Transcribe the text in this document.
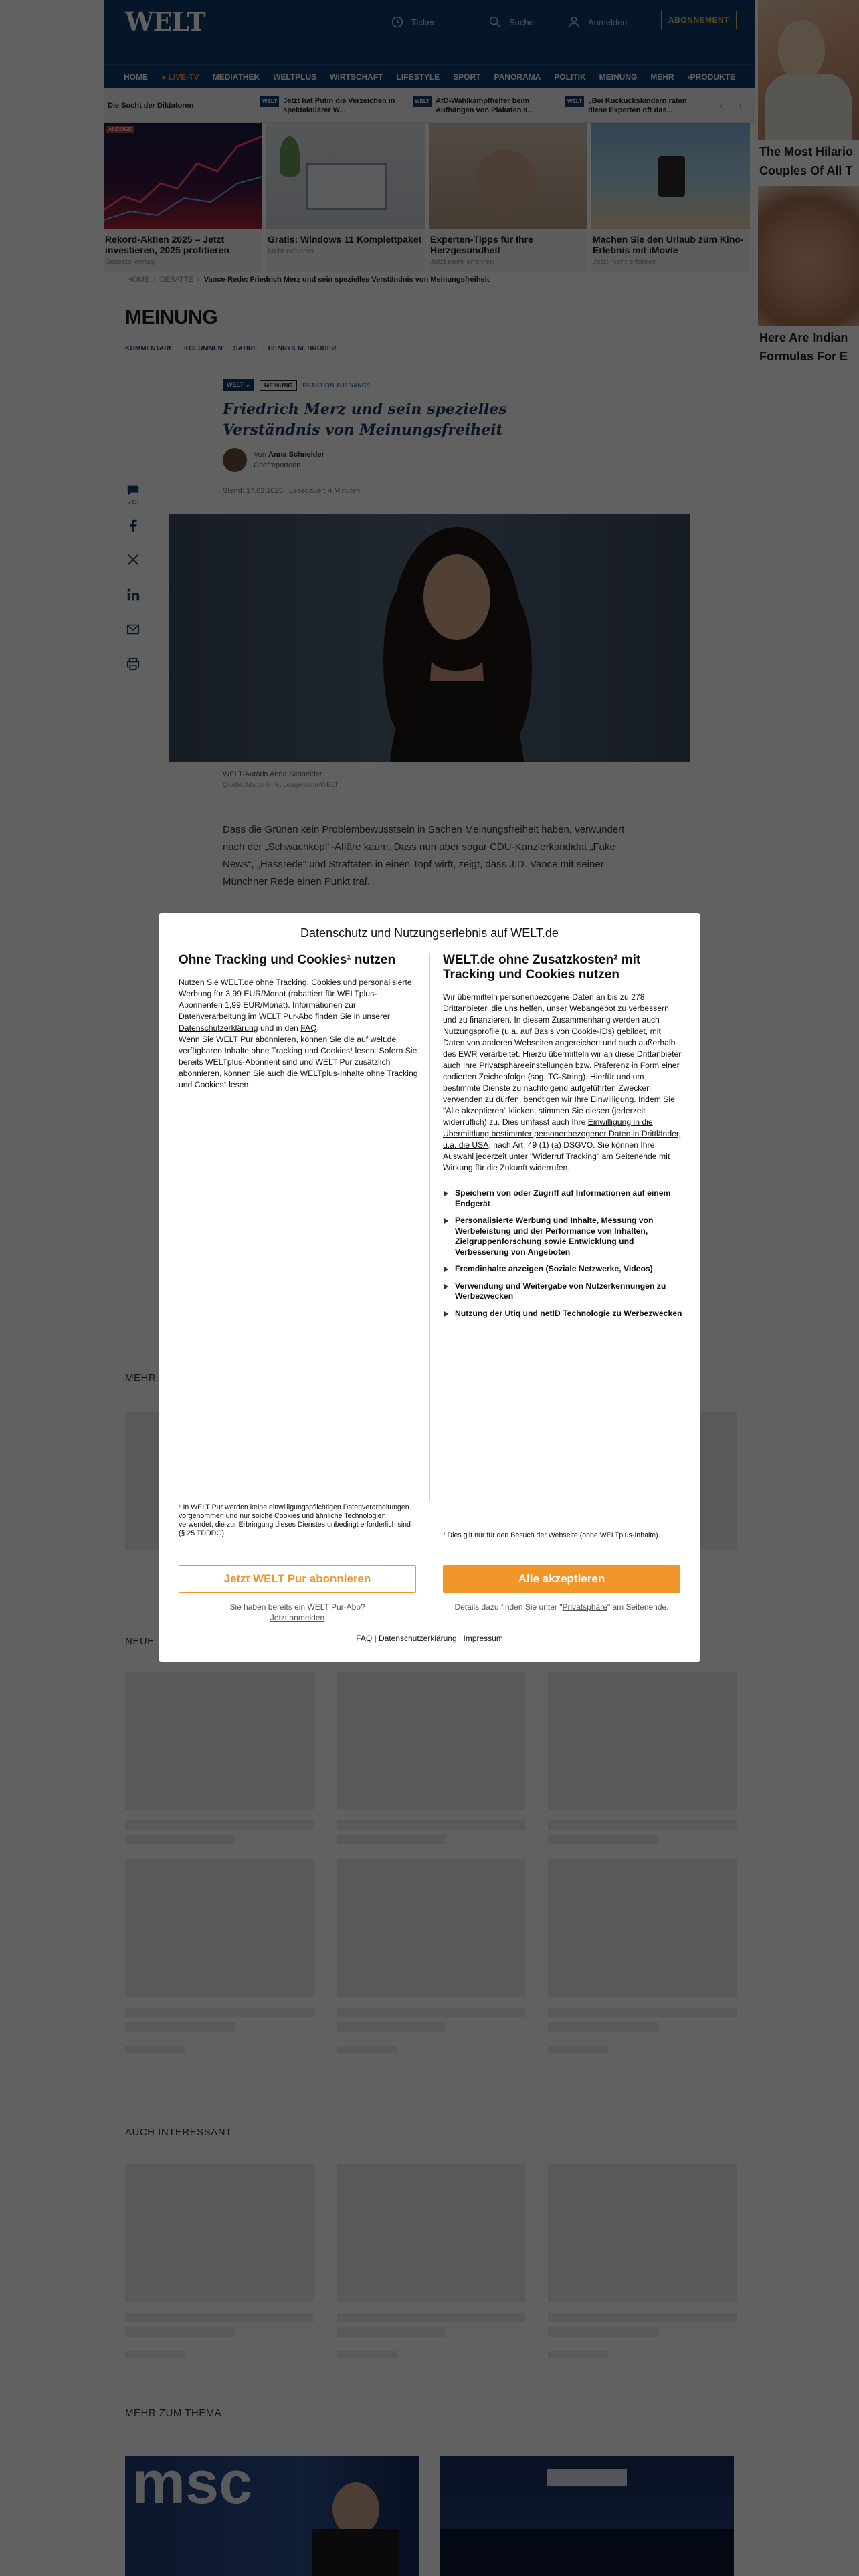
Datenschutz und Nutzungserlebnis auf WELT.de
Ohne Tracking und Cookies¹ nutzen

Nutzen Sie WELT.de ohne Tracking, Cookies und personalisierte Werbung für 3,99 EUR/Monat (rabattiert für WELTplus-Abonnenten 1,99 EUR/Monat). Informationen zur Datenverarbeitung im WELT Pur-Abo finden Sie in unserer Datenschutzerklärung und in den FAQ.

Wenn Sie WELT Pur abonnieren, können Sie die auf welt.de verfügbaren Inhalte ohne Tracking und Cookies¹ lesen. Sofern Sie bereits WELTplus-Abonnent sind und WELT Pur zusätzlich abonnieren, können Sie auch die WELTplus-Inhalte ohne Tracking und Cookies¹ lesen.

¹ In WELT Pur werden keine einwilligungspflichtigen Datenverarbeitungen vorgenommen und nur solche Cookies und ähnliche Technologien verwendet, die zur Erbringung dieses Dienstes unbedingt erforderlich sind (§ 25 TDDDG).
WELT.de ohne Zusatzkosten² mit Tracking und Cookies nutzen

Wir übermitteln personenbezogene Daten an bis zu 278 Drittanbieter, die uns helfen, unser Webangebot zu verbessern und zu finanzieren. In diesem Zusammenhang werden auch Nutzungsprofile (u.a. auf Basis von Cookie-IDs) gebildet, mit Daten von anderen Webseiten angereichert und auch außerhalb des EWR verarbeitet. Hierzu übermitteln wir an diese Drittanbieter auch Ihre Privatsphäreeinstellungen bzw. Präferenz in Form einer codierten Zeichenfolge (sog. TC-String). Hierfür und um bestimmte Dienste zu nachfolgend aufgeführten Zwecken verwenden zu dürfen, benötigen wir Ihre Einwilligung. Indem Sie "Alle akzeptieren" klicken, stimmen Sie diesen (jederzeit widerruflich) zu. Dies umfasst auch Ihre Einwilligung in die Übermittlung bestimmter personenbezogener Daten in Drittländer, u.a. die USA, nach Art. 49 (1) (a) DSGVO. Sie können Ihre Auswahl jederzeit unter "Widerruf Tracking" am Seitenende mit Wirkung für die Zukunft widerrufen.

Speichern von oder Zugriff auf Informationen auf einem Endgerät
Personalisierte Werbung und Inhalte, Messung von Werbeleistung und der Performance von Inhalten, Zielgruppenforschung sowie Entwicklung und Verbesserung von Angeboten
Fremdinhalte anzeigen (Soziale Netzwerke, Videos)
Verwendung und Weitergabe von Nutzerkennungen zu Werbezwecken
Nutzung der Utiq und netID Technologie zu Werbezwecken
² Dies gilt nur für den Besuch der Webseite (ohne WELTplus-Inhalte).
Jetzt WELT Pur abonnieren	Alle akzeptieren
Sie haben bereits ein WELT Pur-Abo?
Jetzt anmelden
Details dazu finden Sie unter "Privatsphäre" am Seitenende.
FAQ | Datenschutzerklärung | Impressum
